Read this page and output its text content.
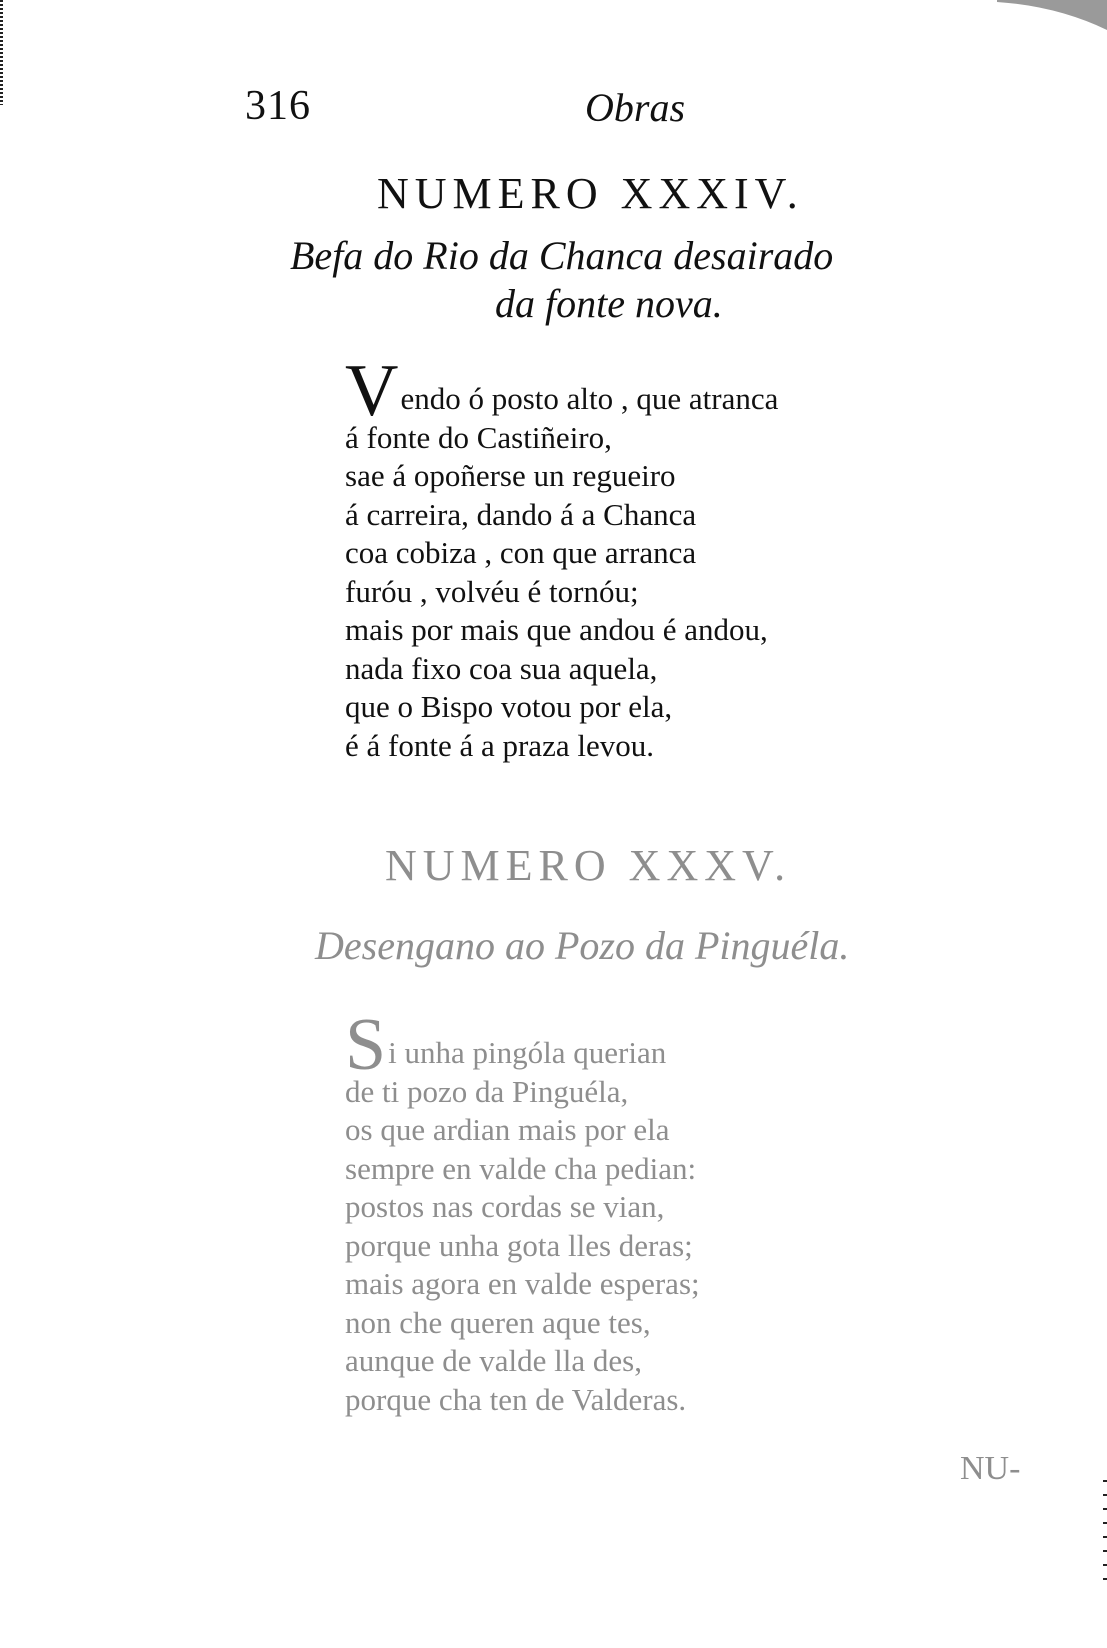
316	Obras
NUMERO XXXIV.
Befa do Rio da Chanca desairado
da fonte nova.
Vendo ó posto alto , que atranca
á fonte do Castiñeiro,
sae á opoñerse un regueiro
á carreira, dando á a Chanca
coa cobiza , con que arranca
furóu , volvéu é tornóu;
mais por mais que andou é andou,
nada fixo coa sua aquela,
que o Bispo votou por ela,
é á fonte á a praza levou.
NUMERO XXXV.
Desengano ao Pozo da Pinguéla.
Si unha pingóla querian
de ti pozo da Pinguéla,
os que ardian mais por ela
sempre en valde cha pedian:
postos nas cordas se vian,
porque unha gota lles deras;
mais agora en valde esperas;
non che queren aque tes,
aunque de valde lla des,
porque cha ten de Valderas.
NU-
